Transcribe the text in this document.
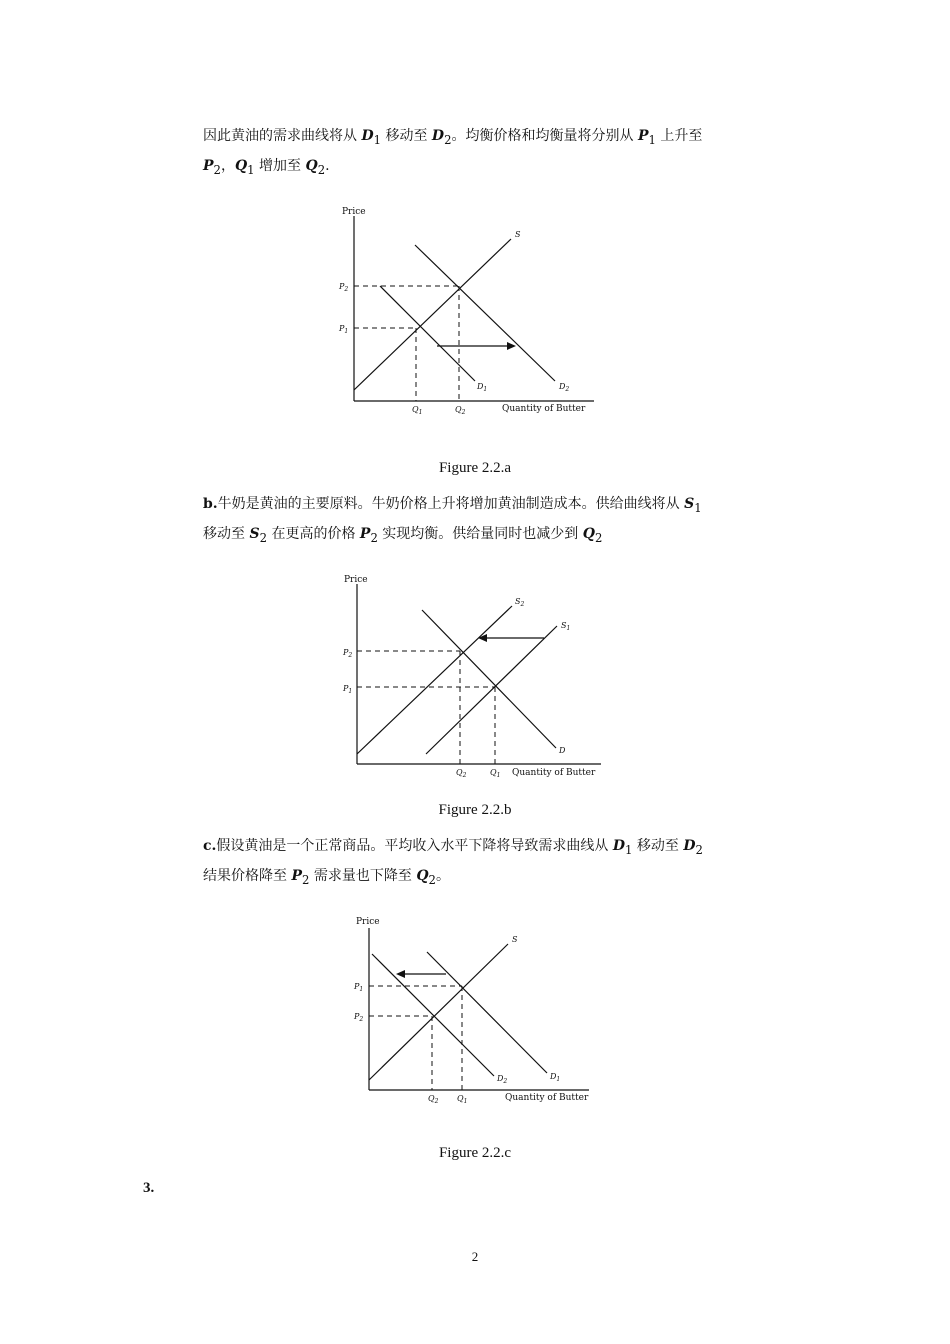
因此黄油的需求曲线将从 $D_1$ 移动至 $D_2$。均衡价格和均衡量将分别从 $P_1$ 上升至
$P_2$，$Q_1$ 增加至 $Q_2$.

Price
Quantity of Butter
S
$D_1$	$D_2$
$P_2$
$P_1$
$Q_1$	$Q_2$
Figure 2.2.a

b.牛奶是黄油的主要原料。牛奶价格上升将增加黄油制造成本。供给曲线将从 $S_1$
移动至 $S_2$ 在更高的价格 $P_2$ 实现均衡。供给量同时也减少到 $Q_2$

Price
Quantity of Butter
$S_2$
$S_1$
D
$P_2$
$P_1$
$Q_2$	$Q_1$
Figure 2.2.b

c.假设黄油是一个正常商品。平均收入水平下降将导致需求曲线从 $D_1$ 移动至 $D_2$
结果价格降至 $P_2$ 需求量也下降至 $Q_2$。

Price
Quantity of Butter
S
$D_2$
$D_1$
$P_1$
$P_2$
$Q_2$ $Q_1$
Figure 2.2.c
3.
2
